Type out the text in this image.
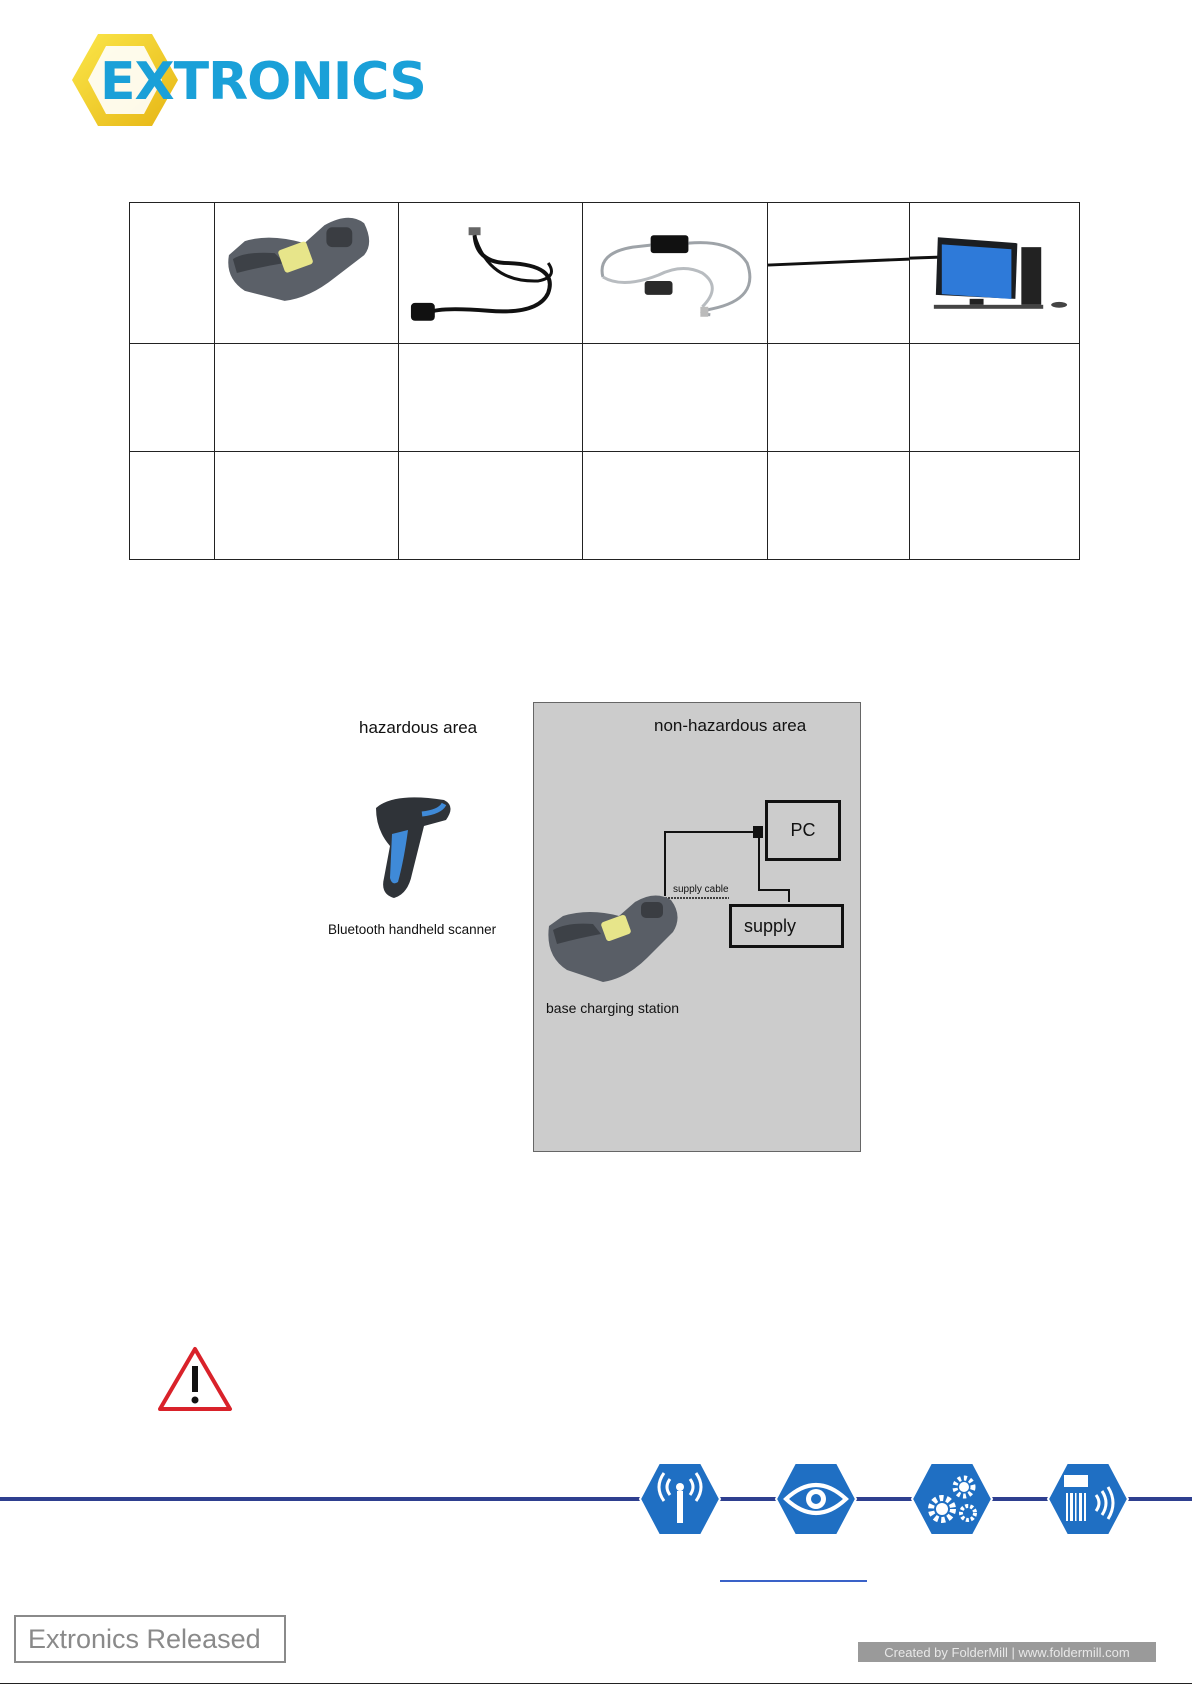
EXTRONICS

hazardous area
Bluetooth handheld scanner
non-hazardous area
PC
supply
supply cable
base charging station
Extronics Released	Created by FolderMill | www.foldermill.com
